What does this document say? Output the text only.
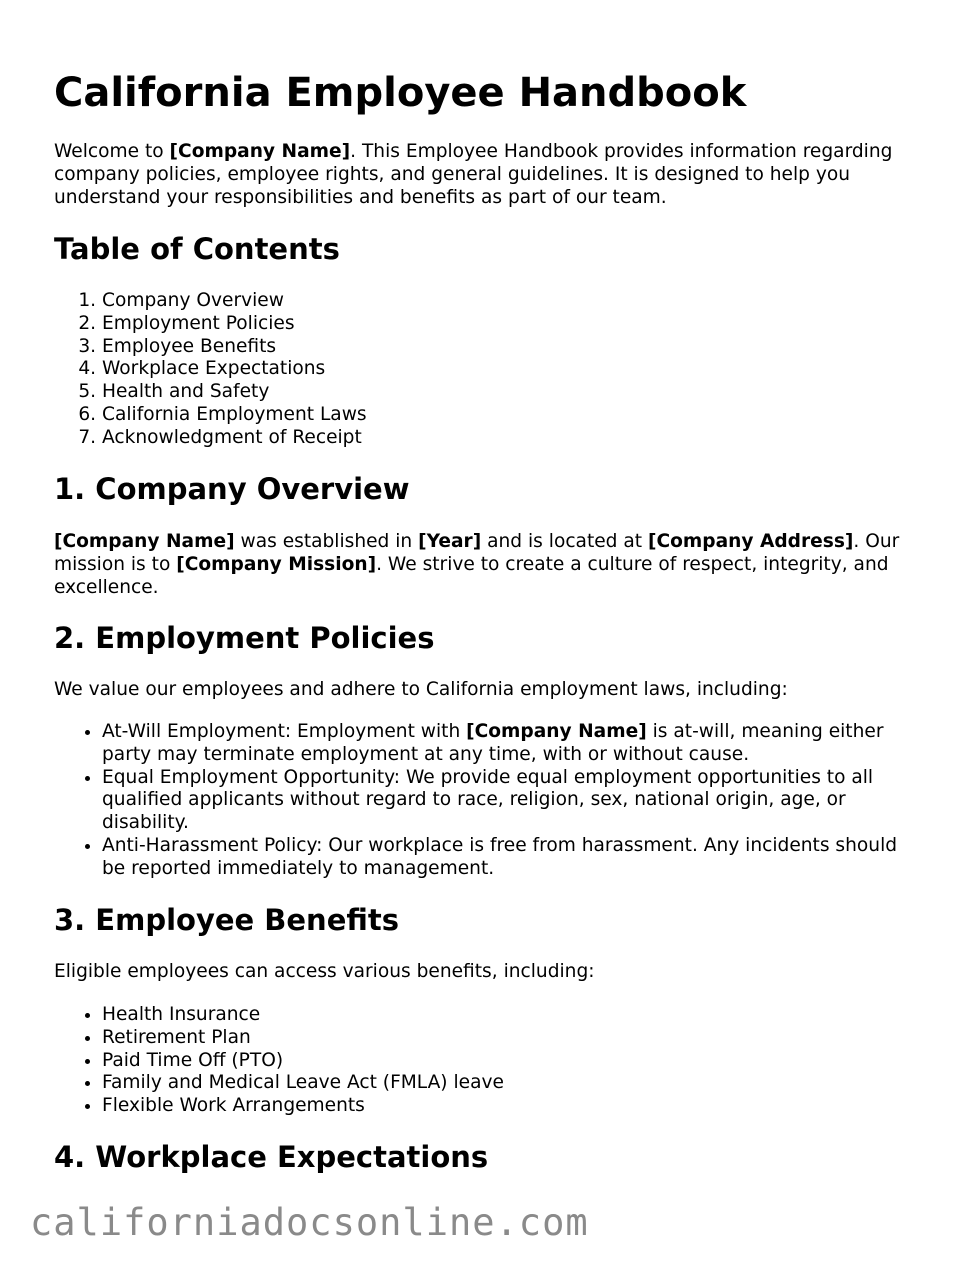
California Employee Handbook

Welcome to [Company Name]. This Employee Handbook provides information regarding company policies, employee rights, and general guidelines. It is designed to help you understand your responsibilities and benefits as part of our team.

Table of Contents
1. Company Overview
2. Employment Policies
3. Employee Benefits
4. Workplace Expectations
5. Health and Safety
6. California Employment Laws
7. Acknowledgment of Receipt
1. Company Overview

[Company Name] was established in [Year] and is located at [Company Address]. Our mission is to [Company Mission]. We strive to create a culture of respect, integrity, and excellence.

2. Employment Policies

We value our employees and adhere to California employment laws, including:

• At-Will Employment: Employment with [Company Name] is at-will, meaning either party may terminate employment at any time, with or without cause.
• Equal Employment Opportunity: We provide equal employment opportunities to all qualified applicants without regard to race, religion, sex, national origin, age, or disability.
• Anti-Harassment Policy: Our workplace is free from harassment. Any incidents should be reported immediately to management.
3. Employee Benefits

Eligible employees can access various benefits, including:

• Health Insurance
• Retirement Plan
• Paid Time Off (PTO)
• Family and Medical Leave Act (FMLA) leave
• Flexible Work Arrangements
4. Workplace Expectations
californiadocsonline.com
